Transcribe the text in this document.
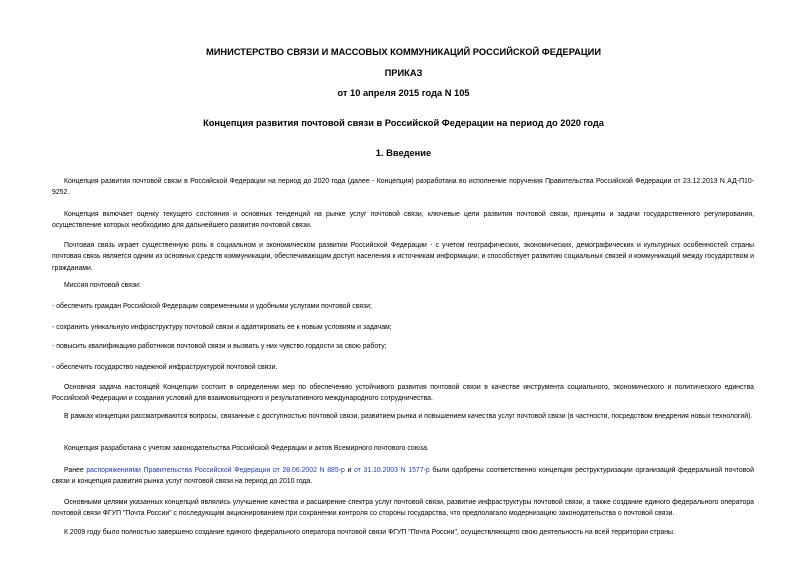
МИНИСТЕРСТВО СВЯЗИ И МАССОВЫХ КОММУНИКАЦИЙ РОССИЙСКОЙ ФЕДЕРАЦИИ
ПРИКАЗ
от 10 апреля 2015 года N 105
Концепция развития почтовой связи в Российской Федерации на период до 2020 года
1. Введение
Концепция развития почтовой связи в Российской Федерации на период до 2020 года (далее - Концепция) разработана во исполнение поручения Правительства Российской Федерации от 23.12.2013 N АД-П10-9252.
Концепция включает оценку текущего состояния и основных тенденций на рынке услуг почтовой связи, ключевые цели развития почтовой связи, принципы и задачи государственного регулирования, осуществление которых необходимо для дальнейшего развития почтовой связи.
Почтовая связь играет существенную роль в социальном и экономическом развитии Российской Федерации - с учетом географических, экономических, демографических и культурных особенностей страны почтовая связь является одним из основных средств коммуникации, обеспечивающим доступ населения к источникам информации, и способствует развитию социальных связей и коммуникаций между государством и гражданами.
Миссия почтовой связи:
- обеспечить граждан Российской Федерации современными и удобными услугами почтовой связи;
- сохранить уникальную инфраструктуру почтовой связи и адаптировать ее к новым условиям и задачам;
- повысить квалификацию работников почтовой связи и вызвать у них чувство гордости за свою работу;
- обеспечить государство надежной инфраструктурой почтовой связи.
Основная задача настоящей Концепции состоит в определении мер по обеспечению устойчивого развития почтовой связи в качестве инструмента социального, экономического и политического единства Российской Федерации и создания условий для взаимовыгодного и результативного международного сотрудничества.
В рамках концепции рассматриваются вопросы, связанные с доступностью почтовой связи, развитием рынка и повышением качества услуг почтовой связи (в частности, посредством внедрения новых технологий).
Концепция разработана с учетом законодательства Российской Федерации и актов Всемирного почтового союза.
Ранее распоряжениями Правительства Российской Федерации от 28.06.2002 N 885-р и от 31.10.2003 N 1577-р были одобрены соответственно концепция реструктуризации организаций федеральной почтовой связи и концепция развития рынка услуг почтовой связи на период до 2010 года.
Основными целями указанных концепций являлись улучшение качества и расширение спектра услуг почтовой связи, развитие инфраструктуры почтовой связи, а также создание единого федерального оператора почтовой связи ФГУП "Почта России" с последующим акционированием при сохранении контроля со стороны государства, что предполагало модернизацию законодательства о почтовой связи.
К 2009 году было полностью завершено создание единого федерального оператора почтовой связи ФГУП "Почта России", осуществляющего свою деятельность на всей территории страны.
